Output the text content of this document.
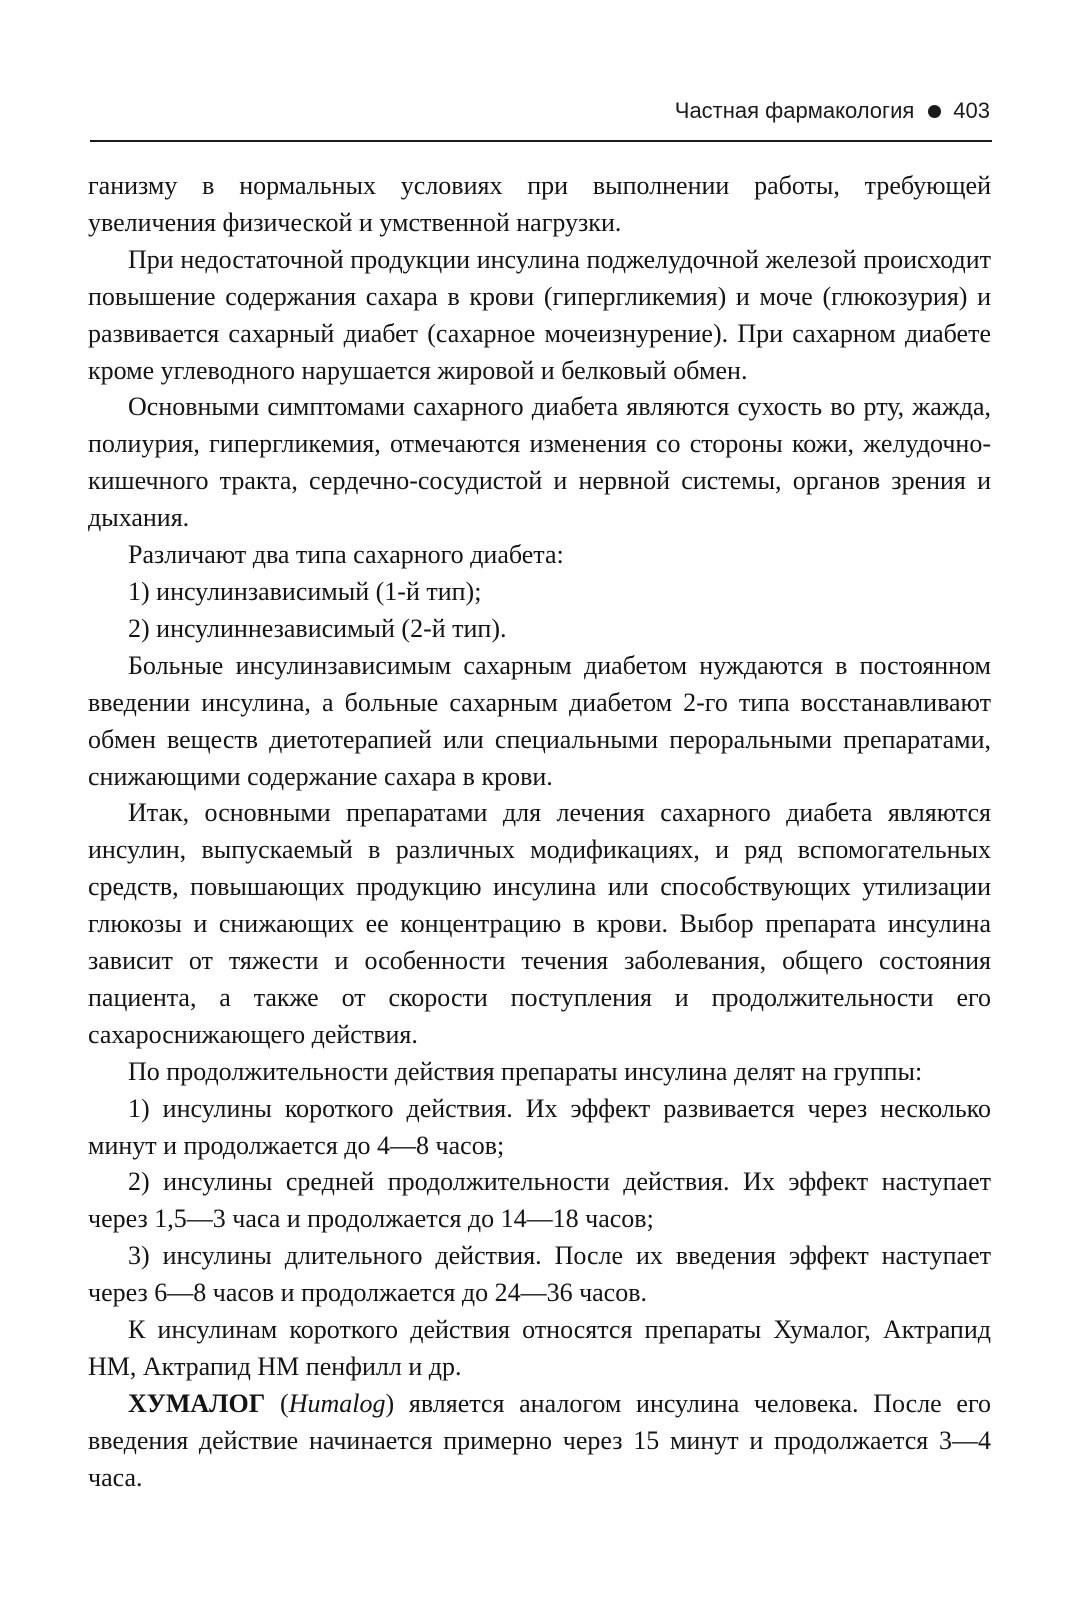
Частная фармакология 403

ганизму в нормальных условиях при выполнении работы, требующей увеличения физической и умственной нагрузки.

При недостаточной продукции инсулина поджелудочной железой происходит повышение содержания сахара в крови (гипергликемия) и моче (глюкозурия) и развивается сахарный диабет (сахарное мочеизнурение). При сахарном диабете кроме углеводного нарушается жировой и белковый обмен.

Основными симптомами сахарного диабета являются сухость во рту, жажда, полиурия, гипергликемия, отмечаются изменения со стороны кожи, желудочно-кишечного тракта, сердечно-сосудистой и нервной системы, органов зрения и дыхания.

Различают два типа сахарного диабета:

1) инсулинзависимый (1-й тип);

2) инсулиннезависимый (2-й тип).

Больные инсулинзависимым сахарным диабетом нуждаются в постоянном введении инсулина, а больные сахарным диабетом 2-го типа восстанавливают обмен веществ диетотерапией или специальными пероральными препаратами, снижающими содержание сахара в крови.

Итак, основными препаратами для лечения сахарного диабета являются инсулин, выпускаемый в различных модификациях, и ряд вспомогательных средств, повышающих продукцию инсулина или способствующих утилизации глюкозы и снижающих ее концентрацию в крови. Выбор препарата инсулина зависит от тяжести и особенности течения заболевания, общего состояния пациента, а также от скорости поступления и продолжительности его сахароснижающего действия.

По продолжительности действия препараты инсулина делят на группы:

1) инсулины короткого действия. Их эффект развивается через несколько минут и продолжается до 4—8 часов;

2) инсулины средней продолжительности действия. Их эффект наступает через 1,5—3 часа и продолжается до 14—18 часов;

3) инсулины длительного действия. После их введения эффект наступает через 6—8 часов и продолжается до 24—36 часов.

К инсулинам короткого действия относятся препараты Хумалог, Актрапид НМ, Актрапид НМ пенфилл и др.

ХУМАЛОГ (Humalog) является аналогом инсулина человека. После его введения действие начинается примерно через 15 минут и продолжается 3—4 часа.
